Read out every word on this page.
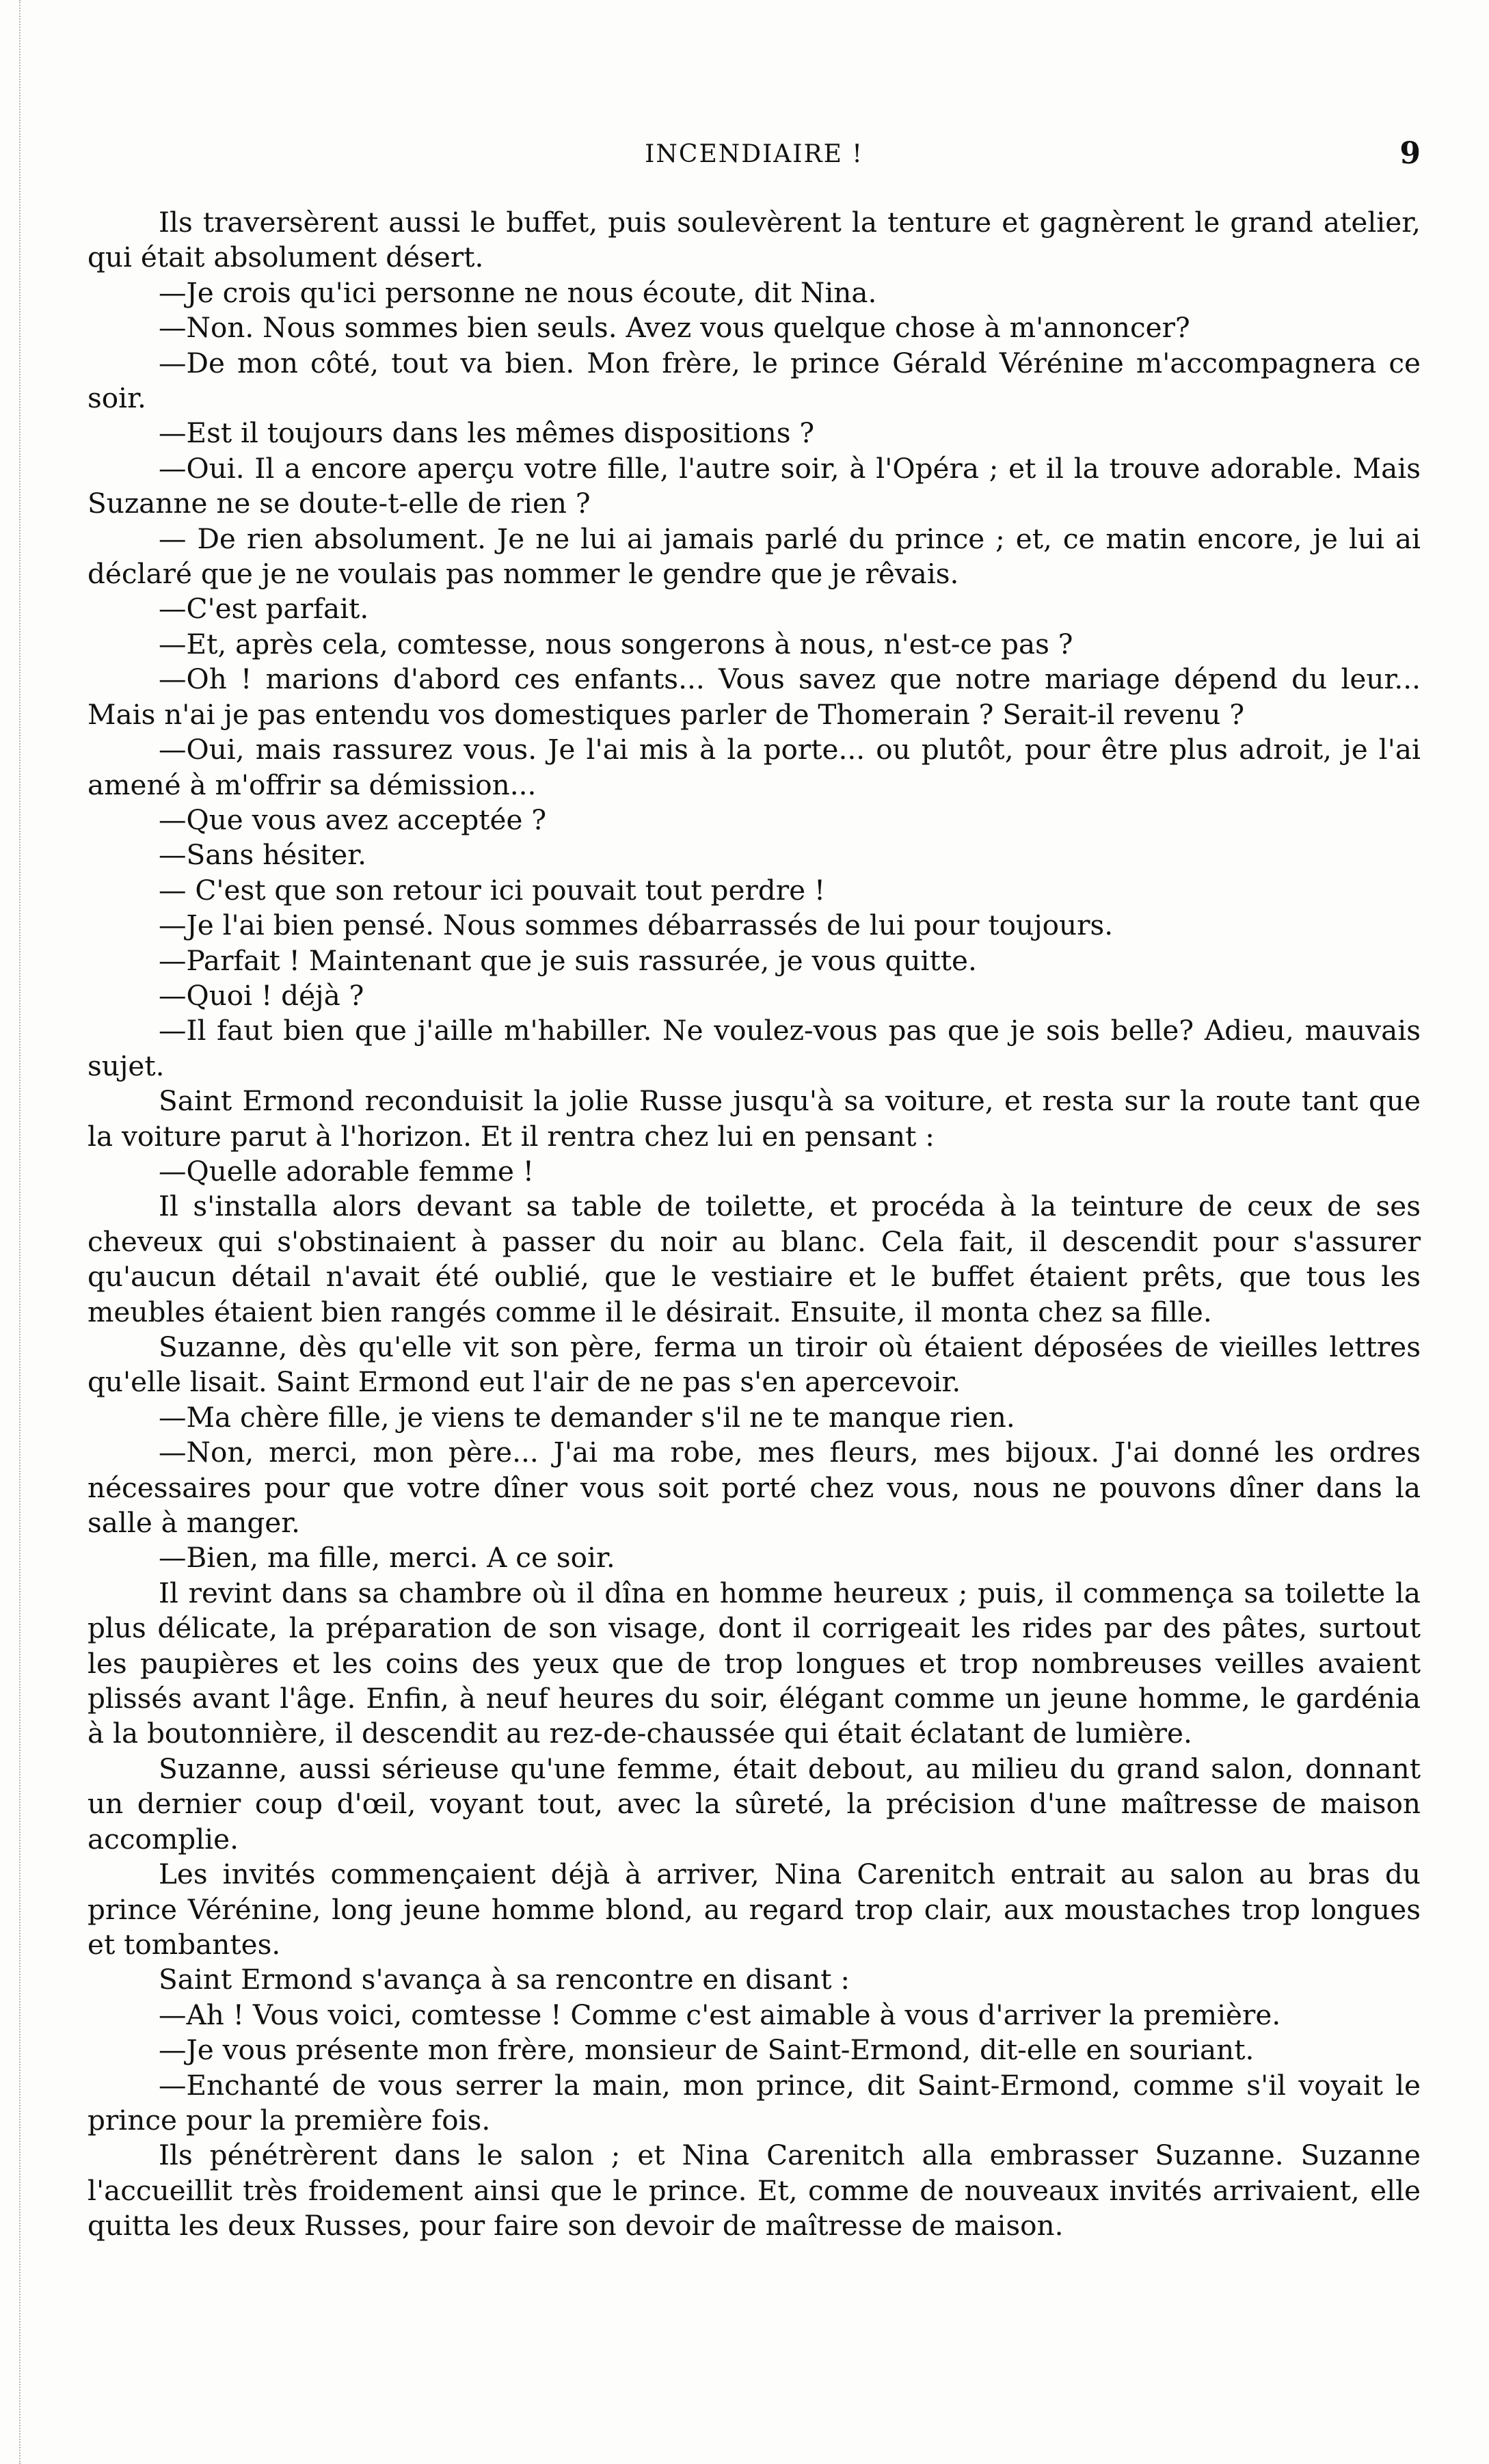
INCENDIAIRE !	9

Ils traversèrent aussi le buffet, puis soulevèrent la tenture et gagnèrent le grand atelier, qui était absolument désert.

—Je crois qu'ici personne ne nous écoute, dit Nina.

—Non. Nous sommes bien seuls. Avez vous quelque chose à m'annoncer?

—De mon côté, tout va bien. Mon frère, le prince Gérald Vérénine m'accompagnera ce soir.

—Est il toujours dans les mêmes dispositions ?

—Oui. Il a encore aperçu votre fille, l'autre soir, à l'Opéra ; et il la trouve adorable. Mais Suzanne ne se doute-t-elle de rien ?

— De rien absolument. Je ne lui ai jamais parlé du prince ; et, ce matin encore, je lui ai déclaré que je ne voulais pas nommer le gendre que je rêvais.

—C'est parfait.

—Et, après cela, comtesse, nous songerons à nous, n'est-ce pas ?

—Oh ! marions d'abord ces enfants... Vous savez que notre mariage dépend du leur... Mais n'ai je pas entendu vos domestiques parler de Thomerain ? Serait-il revenu ?

—Oui, mais rassurez vous. Je l'ai mis à la porte... ou plutôt, pour être plus adroit, je l'ai amené à m'offrir sa démission...

—Que vous avez acceptée ?

—Sans hésiter.

— C'est que son retour ici pouvait tout perdre !

—Je l'ai bien pensé. Nous sommes débarrassés de lui pour toujours.

—Parfait ! Maintenant que je suis rassurée, je vous quitte.

—Quoi ! déjà ?

—Il faut bien que j'aille m'habiller. Ne voulez-vous pas que je sois belle? Adieu, mauvais sujet.

Saint Ermond reconduisit la jolie Russe jusqu'à sa voiture, et resta sur la route tant que la voiture parut à l'horizon. Et il rentra chez lui en pensant :

—Quelle adorable femme !

Il s'installa alors devant sa table de toilette, et procéda à la teinture de ceux de ses cheveux qui s'obstinaient à passer du noir au blanc. Cela fait, il descendit pour s'assurer qu'aucun détail n'avait été oublié, que le vestiaire et le buffet étaient prêts, que tous les meubles étaient bien rangés comme il le désirait. Ensuite, il monta chez sa fille.

Suzanne, dès qu'elle vit son père, ferma un tiroir où étaient déposées de vieilles lettres qu'elle lisait. Saint Ermond eut l'air de ne pas s'en apercevoir.

—Ma chère fille, je viens te demander s'il ne te manque rien.

—Non, merci, mon père... J'ai ma robe, mes fleurs, mes bijoux. J'ai donné les ordres nécessaires pour que votre dîner vous soit porté chez vous, nous ne pouvons dîner dans la salle à manger.

—Bien, ma fille, merci. A ce soir.

Il revint dans sa chambre où il dîna en homme heureux ; puis, il commença sa toilette la plus délicate, la préparation de son visage, dont il corrigeait les rides par des pâtes, surtout les paupières et les coins des yeux que de trop longues et trop nombreuses veilles avaient plissés avant l'âge. Enfin, à neuf heures du soir, élégant comme un jeune homme, le gardénia à la boutonnière, il descendit au rez-de-chaussée qui était éclatant de lumière.

Suzanne, aussi sérieuse qu'une femme, était debout, au milieu du grand salon, donnant un dernier coup d'œil, voyant tout, avec la sûreté, la précision d'une maîtresse de maison accomplie.

Les invités commençaient déjà à arriver, Nina Carenitch entrait au salon au bras du prince Vérénine, long jeune homme blond, au regard trop clair, aux moustaches trop longues et tombantes.

Saint Ermond s'avança à sa rencontre en disant :

—Ah ! Vous voici, comtesse ! Comme c'est aimable à vous d'arriver la première.

—Je vous présente mon frère, monsieur de Saint-Ermond, dit-elle en souriant.

—Enchanté de vous serrer la main, mon prince, dit Saint-Ermond, comme s'il voyait le prince pour la première fois.

Ils pénétrèrent dans le salon ; et Nina Carenitch alla embrasser Suzanne. Suzanne l'accueillit très froidement ainsi que le prince. Et, comme de nouveaux invités arrivaient, elle quitta les deux Russes, pour faire son devoir de maîtresse de maison.
